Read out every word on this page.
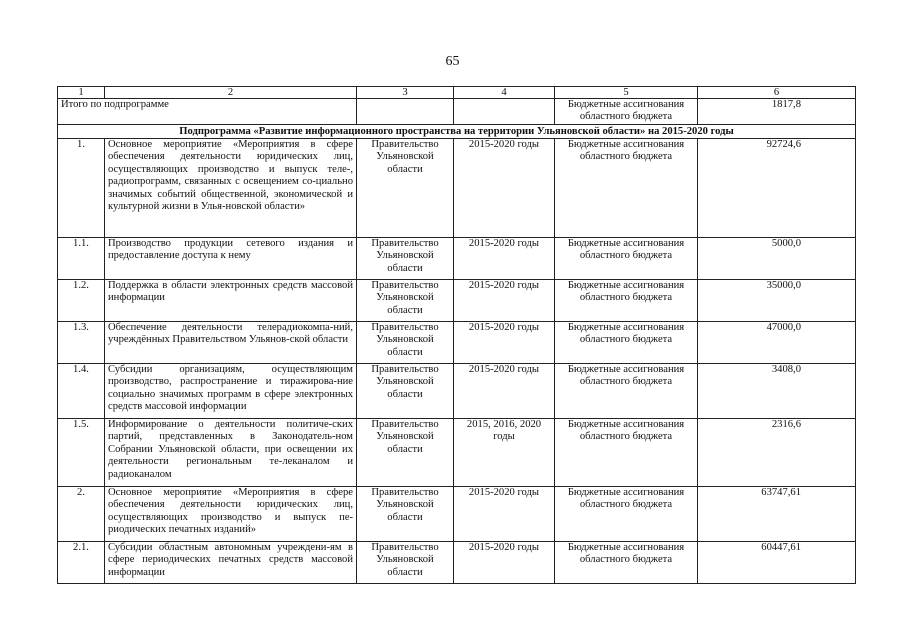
65
1	2	3	4	5	6
Итого по подпрограмме				Бюджетные ассигнования областного бюджета	1817,8
Подпрограмма «Развитие информационного пространства на территории Ульяновской области» на 2015-2020 годы					
1.	Основное мероприятие «Мероприятия в сфере обеспечения деятельности юридических лиц, осуществляющих производство и выпуск теле-, радиопрограмм, связанных с освещением со-циально значимых событий общественной, экономической и культурной жизни в Улья-новской области»	Правительство Ульяновской области	2015-2020 годы	Бюджетные ассигнования областного бюджета	92724,6
1.1.	Производство продукции сетевого издания и предоставление доступа к нему	Правительство Ульяновской области	2015-2020 годы	Бюджетные ассигнования областного бюджета	5000,0
1.2.	Поддержка в области электронных средств массовой информации	Правительство Ульяновской области	2015-2020 годы	Бюджетные ассигнования областного бюджета	35000,0
1.3.	Обеспечение деятельности телерадиокомпа-ний, учреждённых Правительством Ульянов-ской области	Правительство Ульяновской области	2015-2020 годы	Бюджетные ассигнования областного бюджета	47000,0
1.4.	Субсидии организациям, осуществляющим производство, распространение и тиражирова-ние социально значимых программ в сфере электронных средств массовой информации	Правительство Ульяновской области	2015-2020 годы	Бюджетные ассигнования областного бюджета	3408,0
1.5.	Информирование о деятельности политиче-ских партий, представленных в Законодатель-ном Собрании Ульяновской области, при освещении их деятельности региональным те-леканалом и радиоканалом	Правительство Ульяновской области	2015, 2016, 2020 годы	Бюджетные ассигнования областного бюджета	2316,6
2.	Основное мероприятие «Мероприятия в сфере обеспечения деятельности юридических лиц, осуществляющих производство и выпуск пе-риодических печатных изданий»	Правительство Ульяновской области	2015-2020 годы	Бюджетные ассигнования областного бюджета	63747,61
2.1.	Субсидии областным автономным учреждени-ям в сфере периодических печатных средств массовой информации	Правительство Ульяновской области	2015-2020 годы	Бюджетные ассигнования областного бюджета	60447,61
